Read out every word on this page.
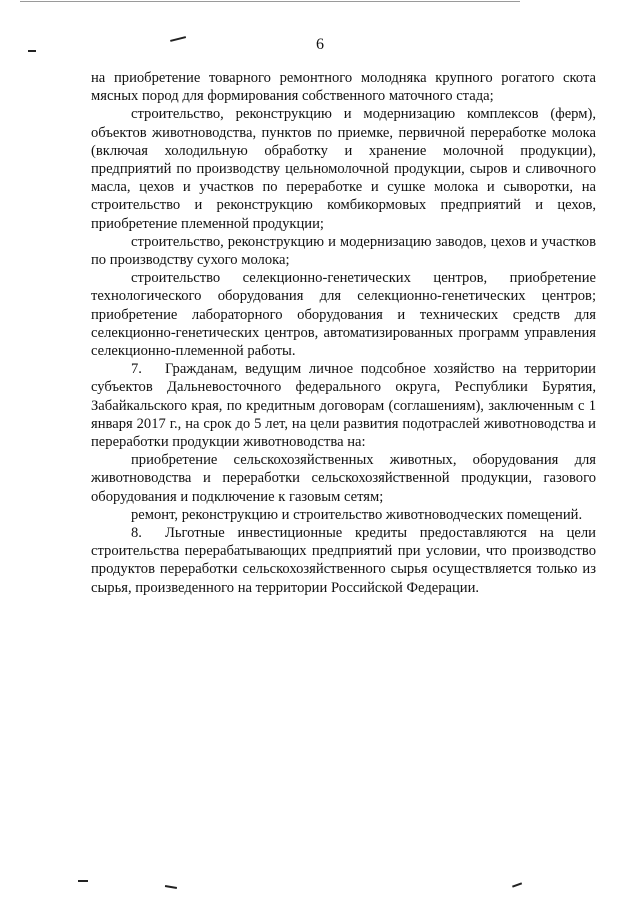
6

на приобретение товарного ремонтного молодняка крупного рогатого скота мясных пород для формирования собственного маточного стада;

строительство, реконструкцию и модернизацию комплексов (ферм), объектов животноводства, пунктов по приемке, первичной переработке молока (включая холодильную обработку и хранение молочной продукции), предприятий по производству цельномолочной продукции, сыров и сливочного масла, цехов и участков по переработке и сушке молока и сыворотки, на строительство и реконструкцию комбикормовых предприятий и цехов, приобретение племенной продукции;

строительство, реконструкцию и модернизацию заводов, цехов и участков по производству сухого молока;

строительство селекционно-генетических центров, приобретение технологического оборудования для селекционно-генетических центров; приобретение лабораторного оборудования и технических средств для селекционно-генетических центров, автоматизированных программ управления селекционно-племенной работы.

7. Гражданам, ведущим личное подсобное хозяйство на территории субъектов Дальневосточного федерального округа, Республики Бурятия, Забайкальского края, по кредитным договорам (соглашениям), заключенным с 1 января 2017 г., на срок до 5 лет, на цели развития подотраслей животноводства и переработки продукции животноводства на:

приобретение сельскохозяйственных животных, оборудования для животноводства и переработки сельскохозяйственной продукции, газового оборудования и подключение к газовым сетям;

ремонт, реконструкцию и строительство животноводческих помещений.

8. Льготные инвестиционные кредиты предоставляются на цели строительства перерабатывающих предприятий при условии, что производство продуктов переработки сельскохозяйственного сырья осуществляется только из сырья, произведенного на территории Российской Федерации.
